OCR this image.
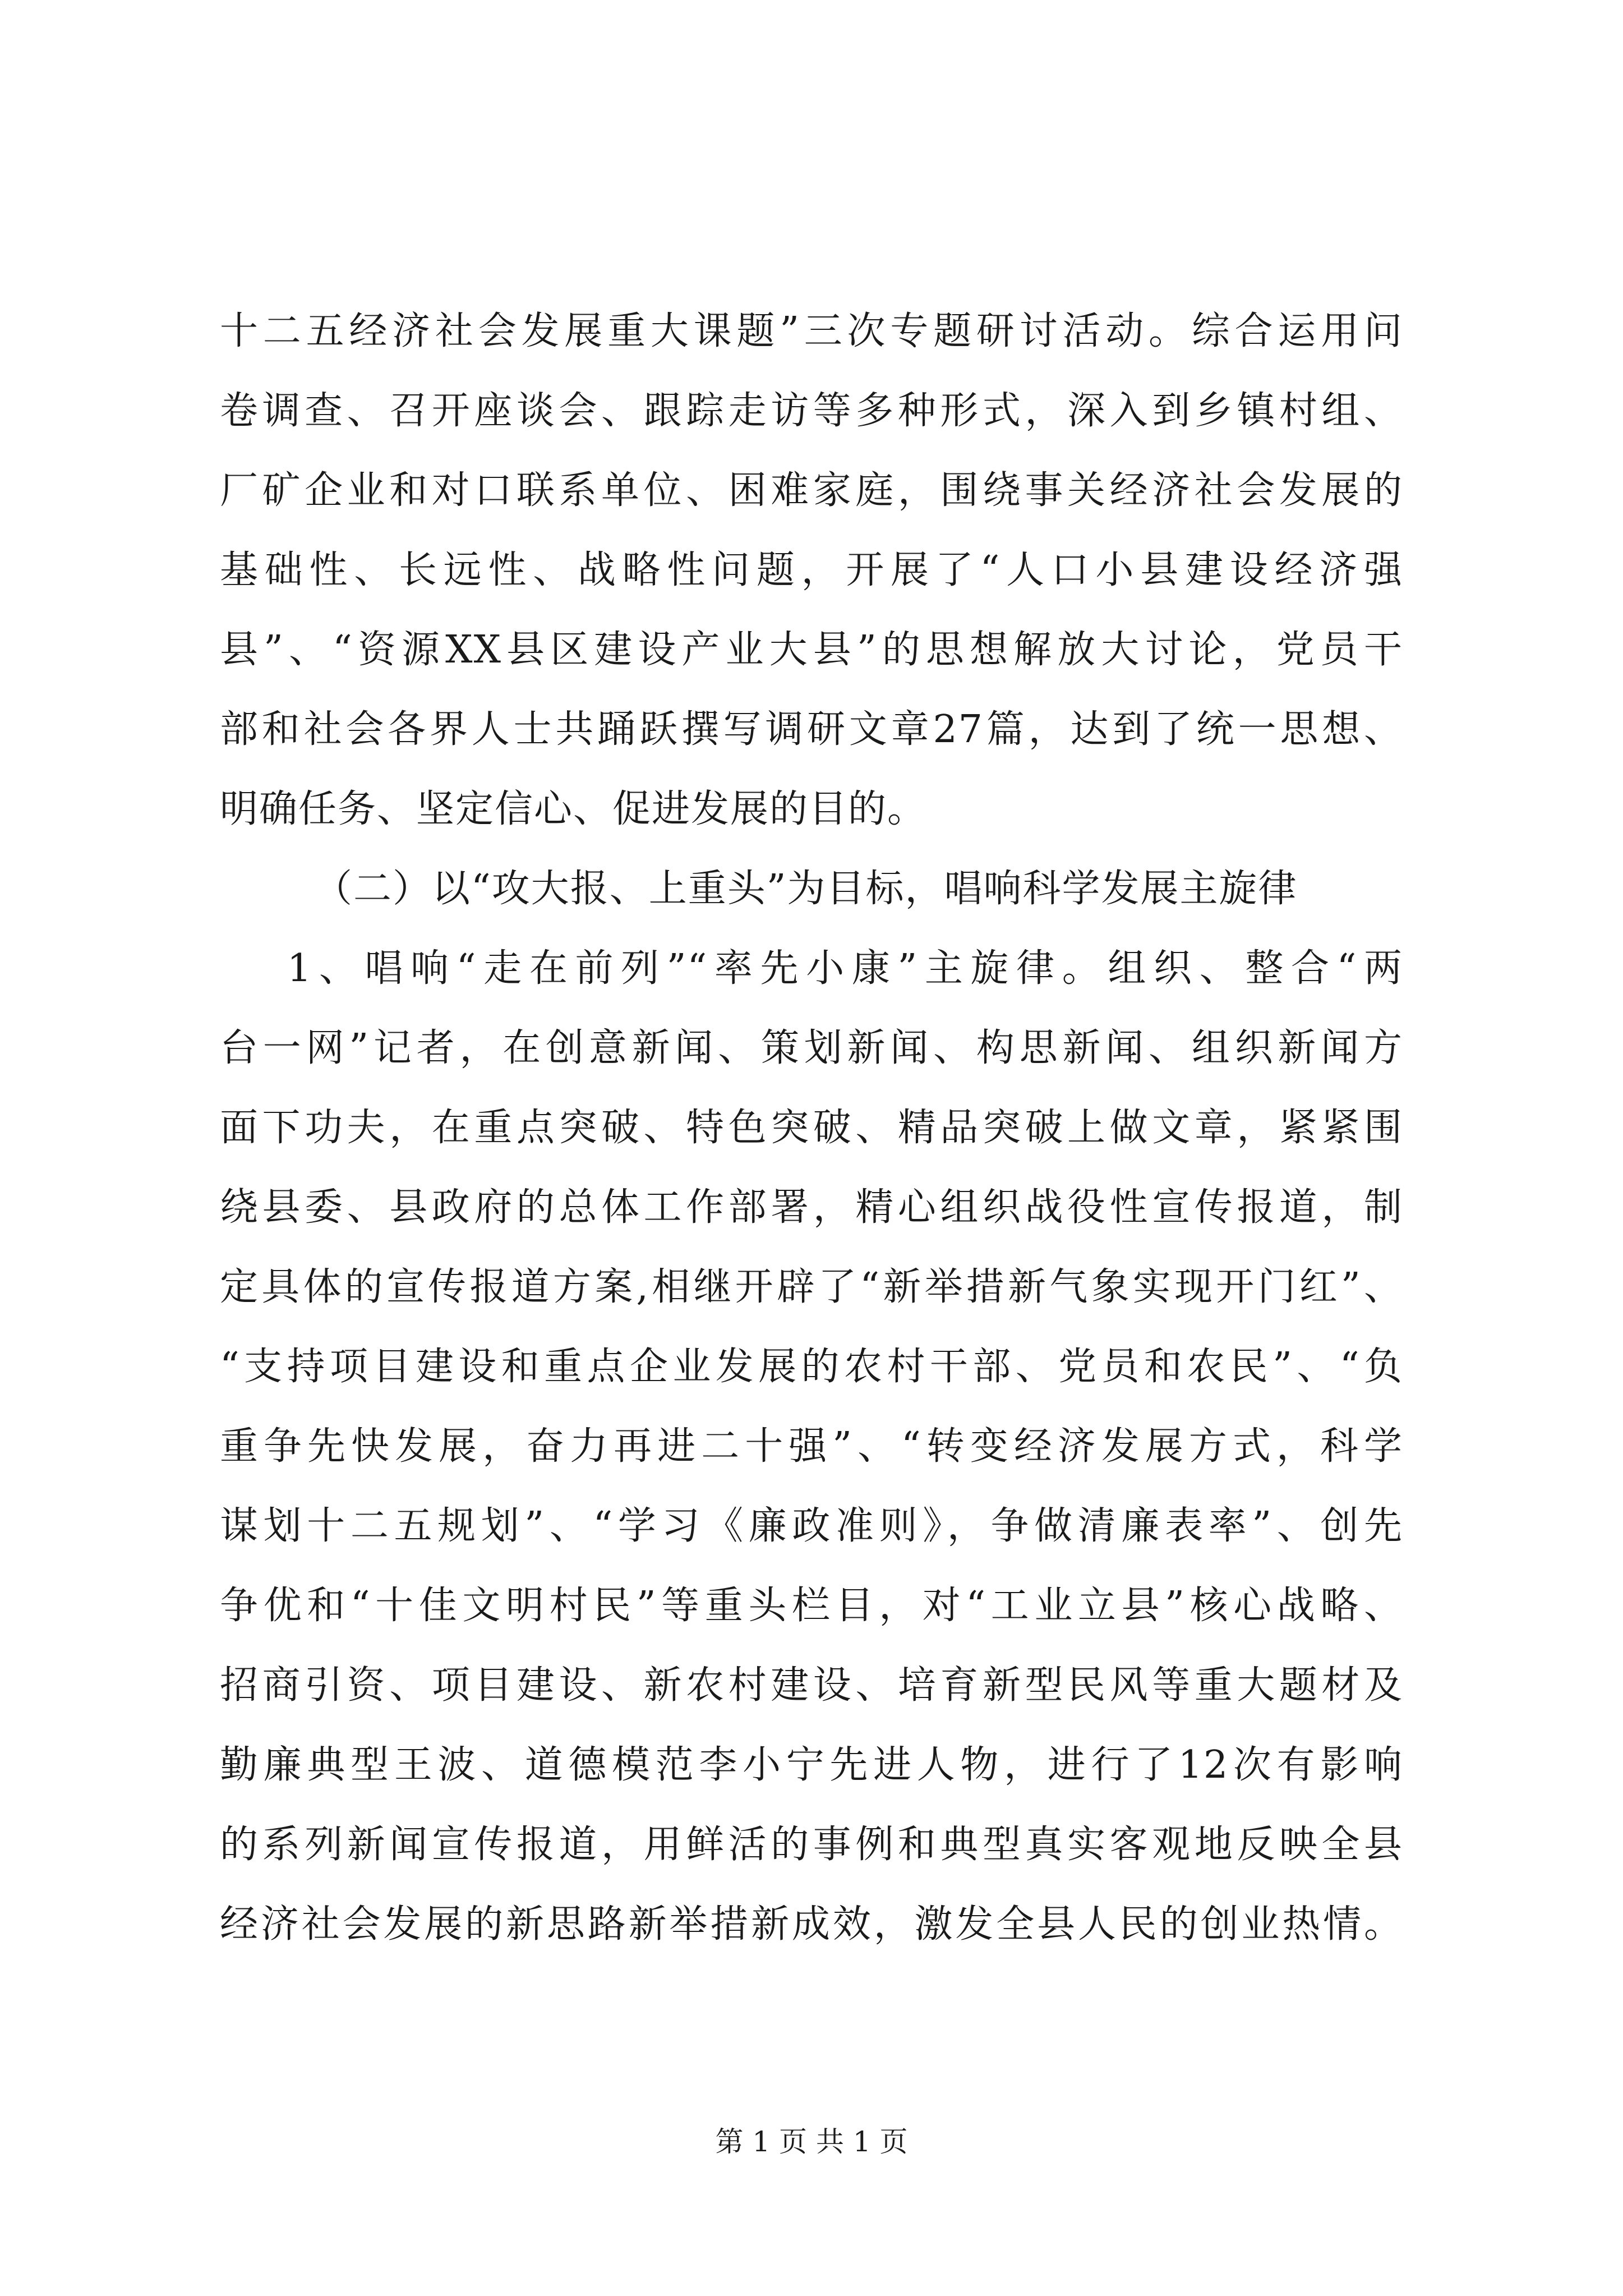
十二五经济社会发展重大课题”三次专题研讨活动。综合运用问
卷调查、召开座谈会、跟踪走访等多种形式，深入到乡镇村组、
厂矿企业和对口联系单位、困难家庭，围绕事关经济社会发展的
基础性、长远性、战略性问题，开展了“人口小县建设经济强
县”、“资源XX县区建设产业大县”的思想解放大讨论，党员干
部和社会各界人士共踊跃撰写调研文章27篇，达到了统一思想、
明确任务、坚定信心、促进发展的目的。
（二）以“攻大报、上重头”为目标，唱响科学发展主旋律
1、唱响“走在前列”“率先小康”主旋律。组织、整合“两
台一网”记者，在创意新闻、策划新闻、构思新闻、组织新闻方
面下功夫，在重点突破、特色突破、精品突破上做文章，紧紧围
绕县委、县政府的总体工作部署，精心组织战役性宣传报道，制
定具体的宣传报道方案,相继开辟了“新举措新气象实现开门红”、
“支持项目建设和重点企业发展的农村干部、党员和农民”、“负
重争先快发展，奋力再进二十强”、“转变经济发展方式，科学
谋划十二五规划”、“学习《廉政准则》，争做清廉表率”、创先
争优和“十佳文明村民”等重头栏目，对“工业立县”核心战略、
招商引资、项目建设、新农村建设、培育新型民风等重大题材及
勤廉典型王波、道德模范李小宁先进人物，进行了12次有影响
的系列新闻宣传报道，用鲜活的事例和典型真实客观地反映全县
经济社会发展的新思路新举措新成效，激发全县人民的创业热情。
第 1 页 共 1 页
